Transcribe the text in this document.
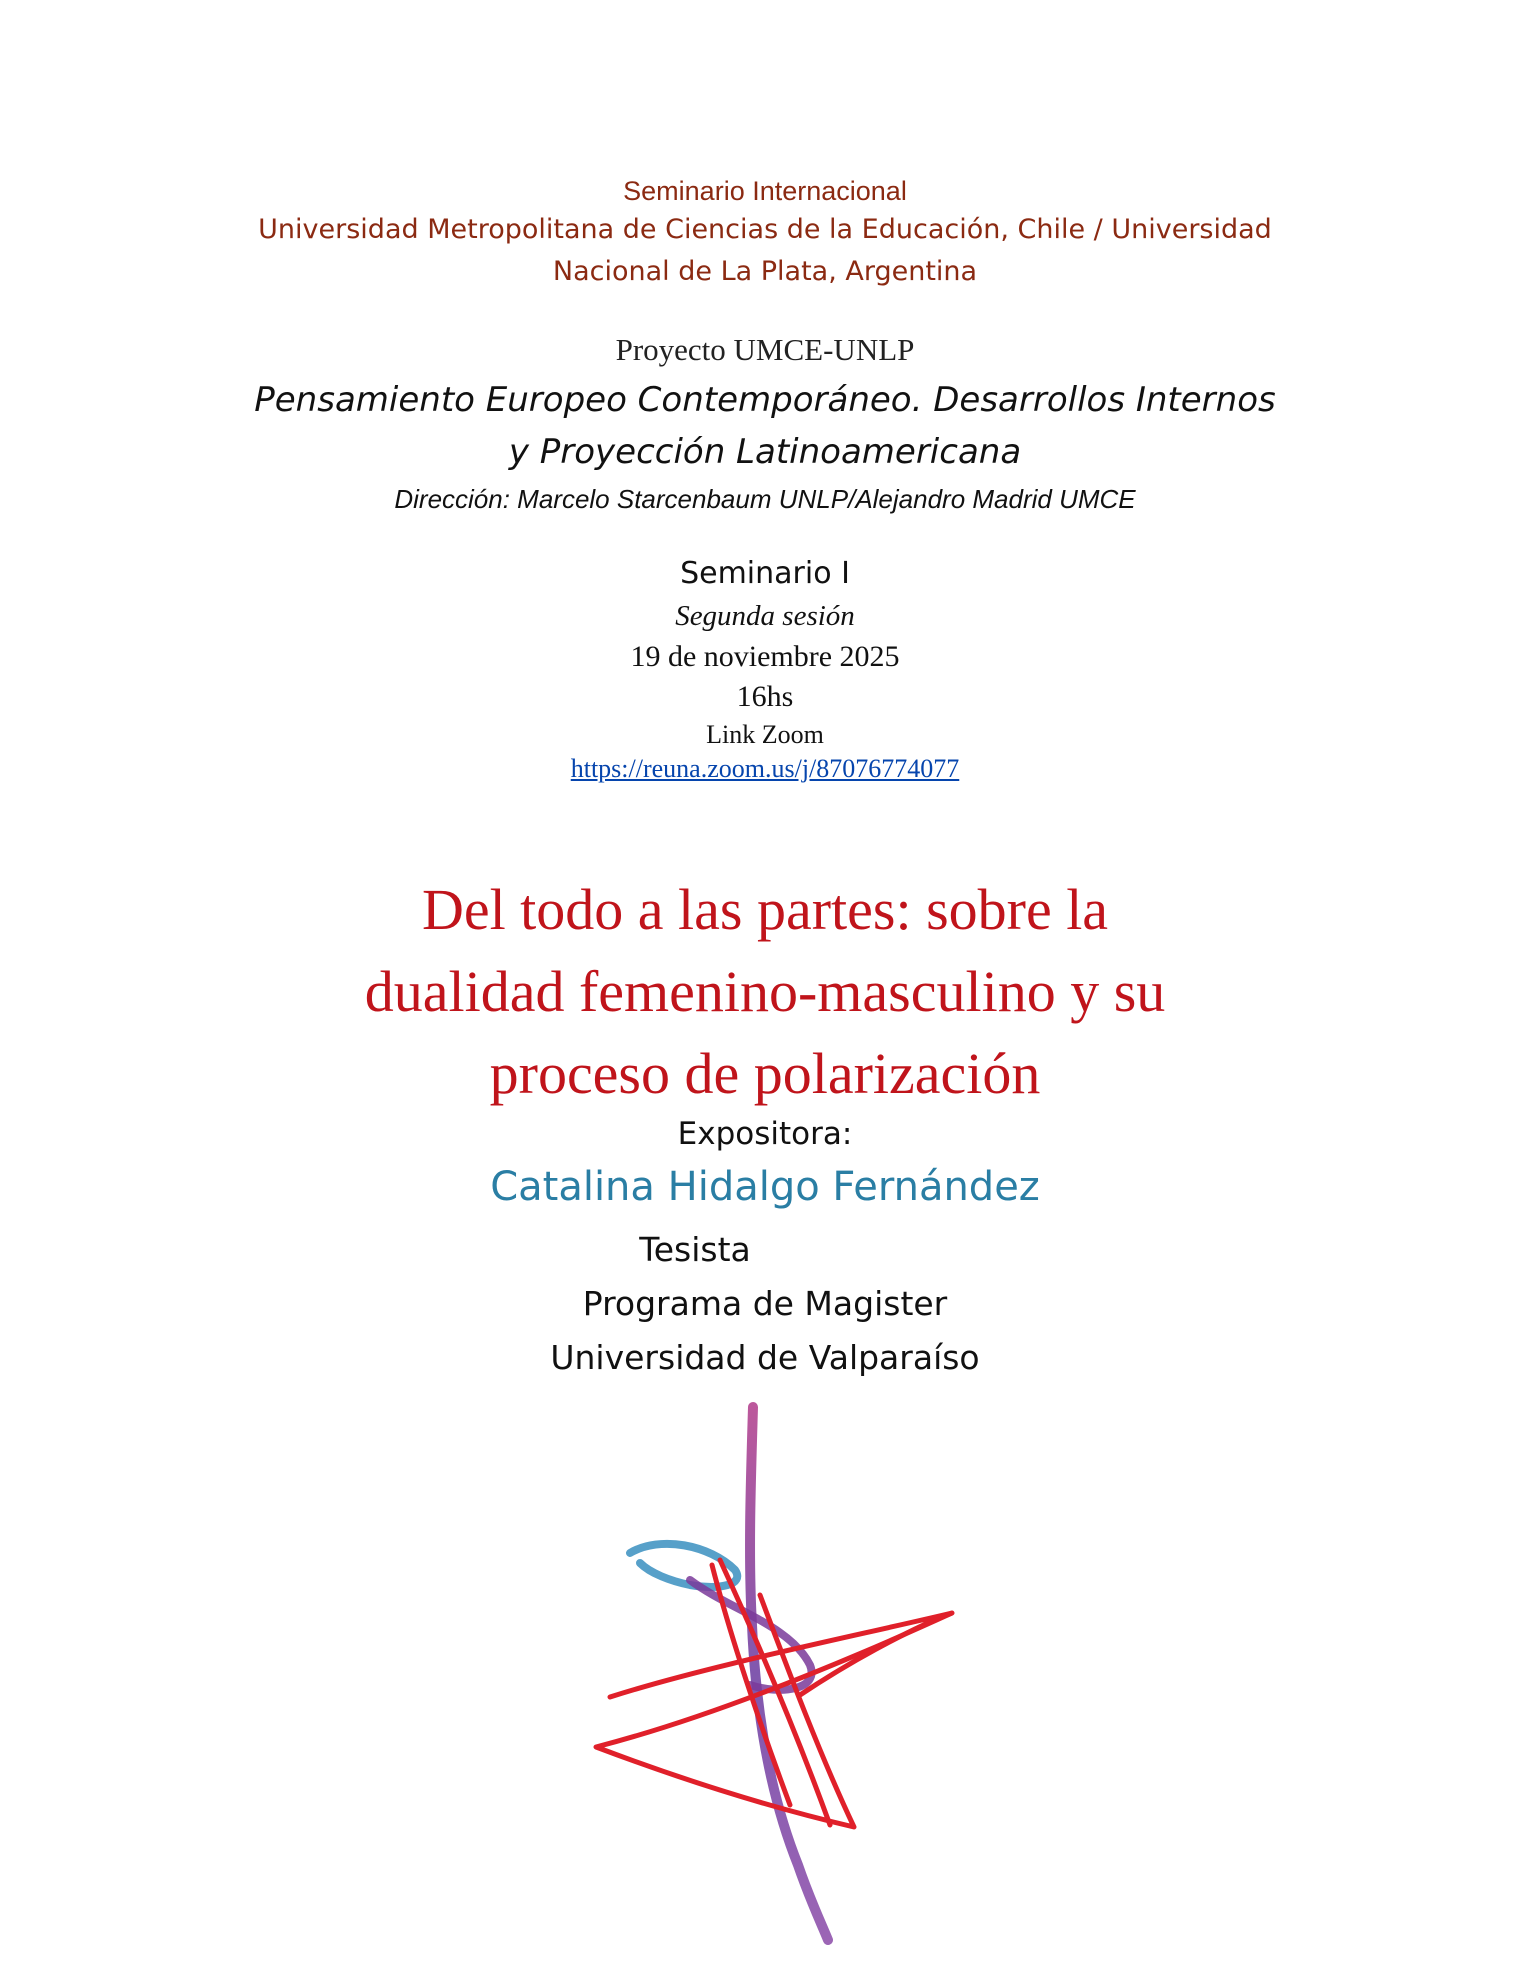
Seminario Internacional
Universidad Metropolitana de Ciencias de la Educación, Chile / Universidad
Nacional de La Plata, Argentina
Proyecto UMCE-UNLP
Pensamiento Europeo Contemporáneo. Desarrollos Internos
y Proyección Latinoamericana
Dirección: Marcelo Starcenbaum UNLP/Alejandro Madrid UMCE
Seminario I
Segunda sesión
19 de noviembre 2025
16hs
Link Zoom
https://reuna.zoom.us/j/87076774077
Del todo a las partes: sobre la
dualidad femenino-masculino y su
proceso de polarización
Expositora:
Catalina Hidalgo Fernández
Tesista
Programa de Magister
Universidad de Valparaíso
